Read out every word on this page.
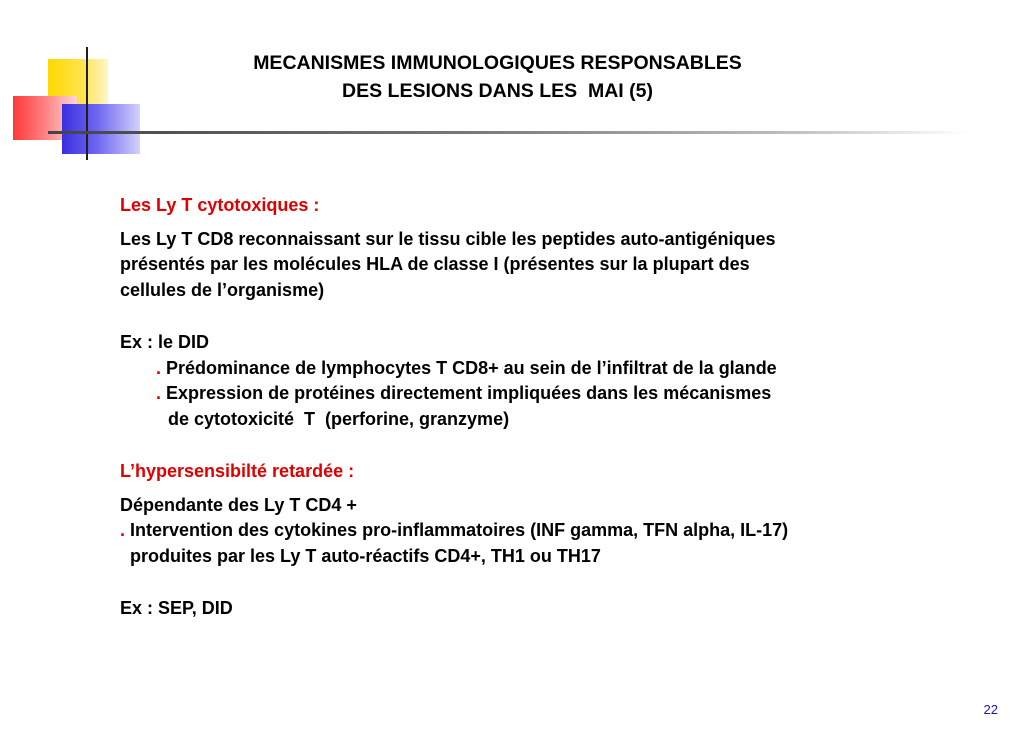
MECANISMES IMMUNOLOGIQUES RESPONSABLES
DES LESIONS DANS LES  MAI (5)
Les Ly T cytotoxiques :
Les Ly T CD8 reconnaissant sur le tissu cible les peptides auto-antigéniques
présentés par les molécules HLA de classe I (présentes sur la plupart des
cellules de l’organisme)
Ex : le DID
. Prédominance de lymphocytes T CD8+ au sein de l’infiltrat de la glande
. Expression de protéines directement impliquées dans les mécanismes
de cytotoxicité  T  (perforine, granzyme)
L’hypersensibilté retardée :
Dépendante des Ly T CD4 +
. Intervention des cytokines pro-inflammatoires (INF gamma, TFN alpha, IL-17)
produites par les Ly T auto-réactifs CD4+, TH1 ou TH17
Ex : SEP, DID
22
